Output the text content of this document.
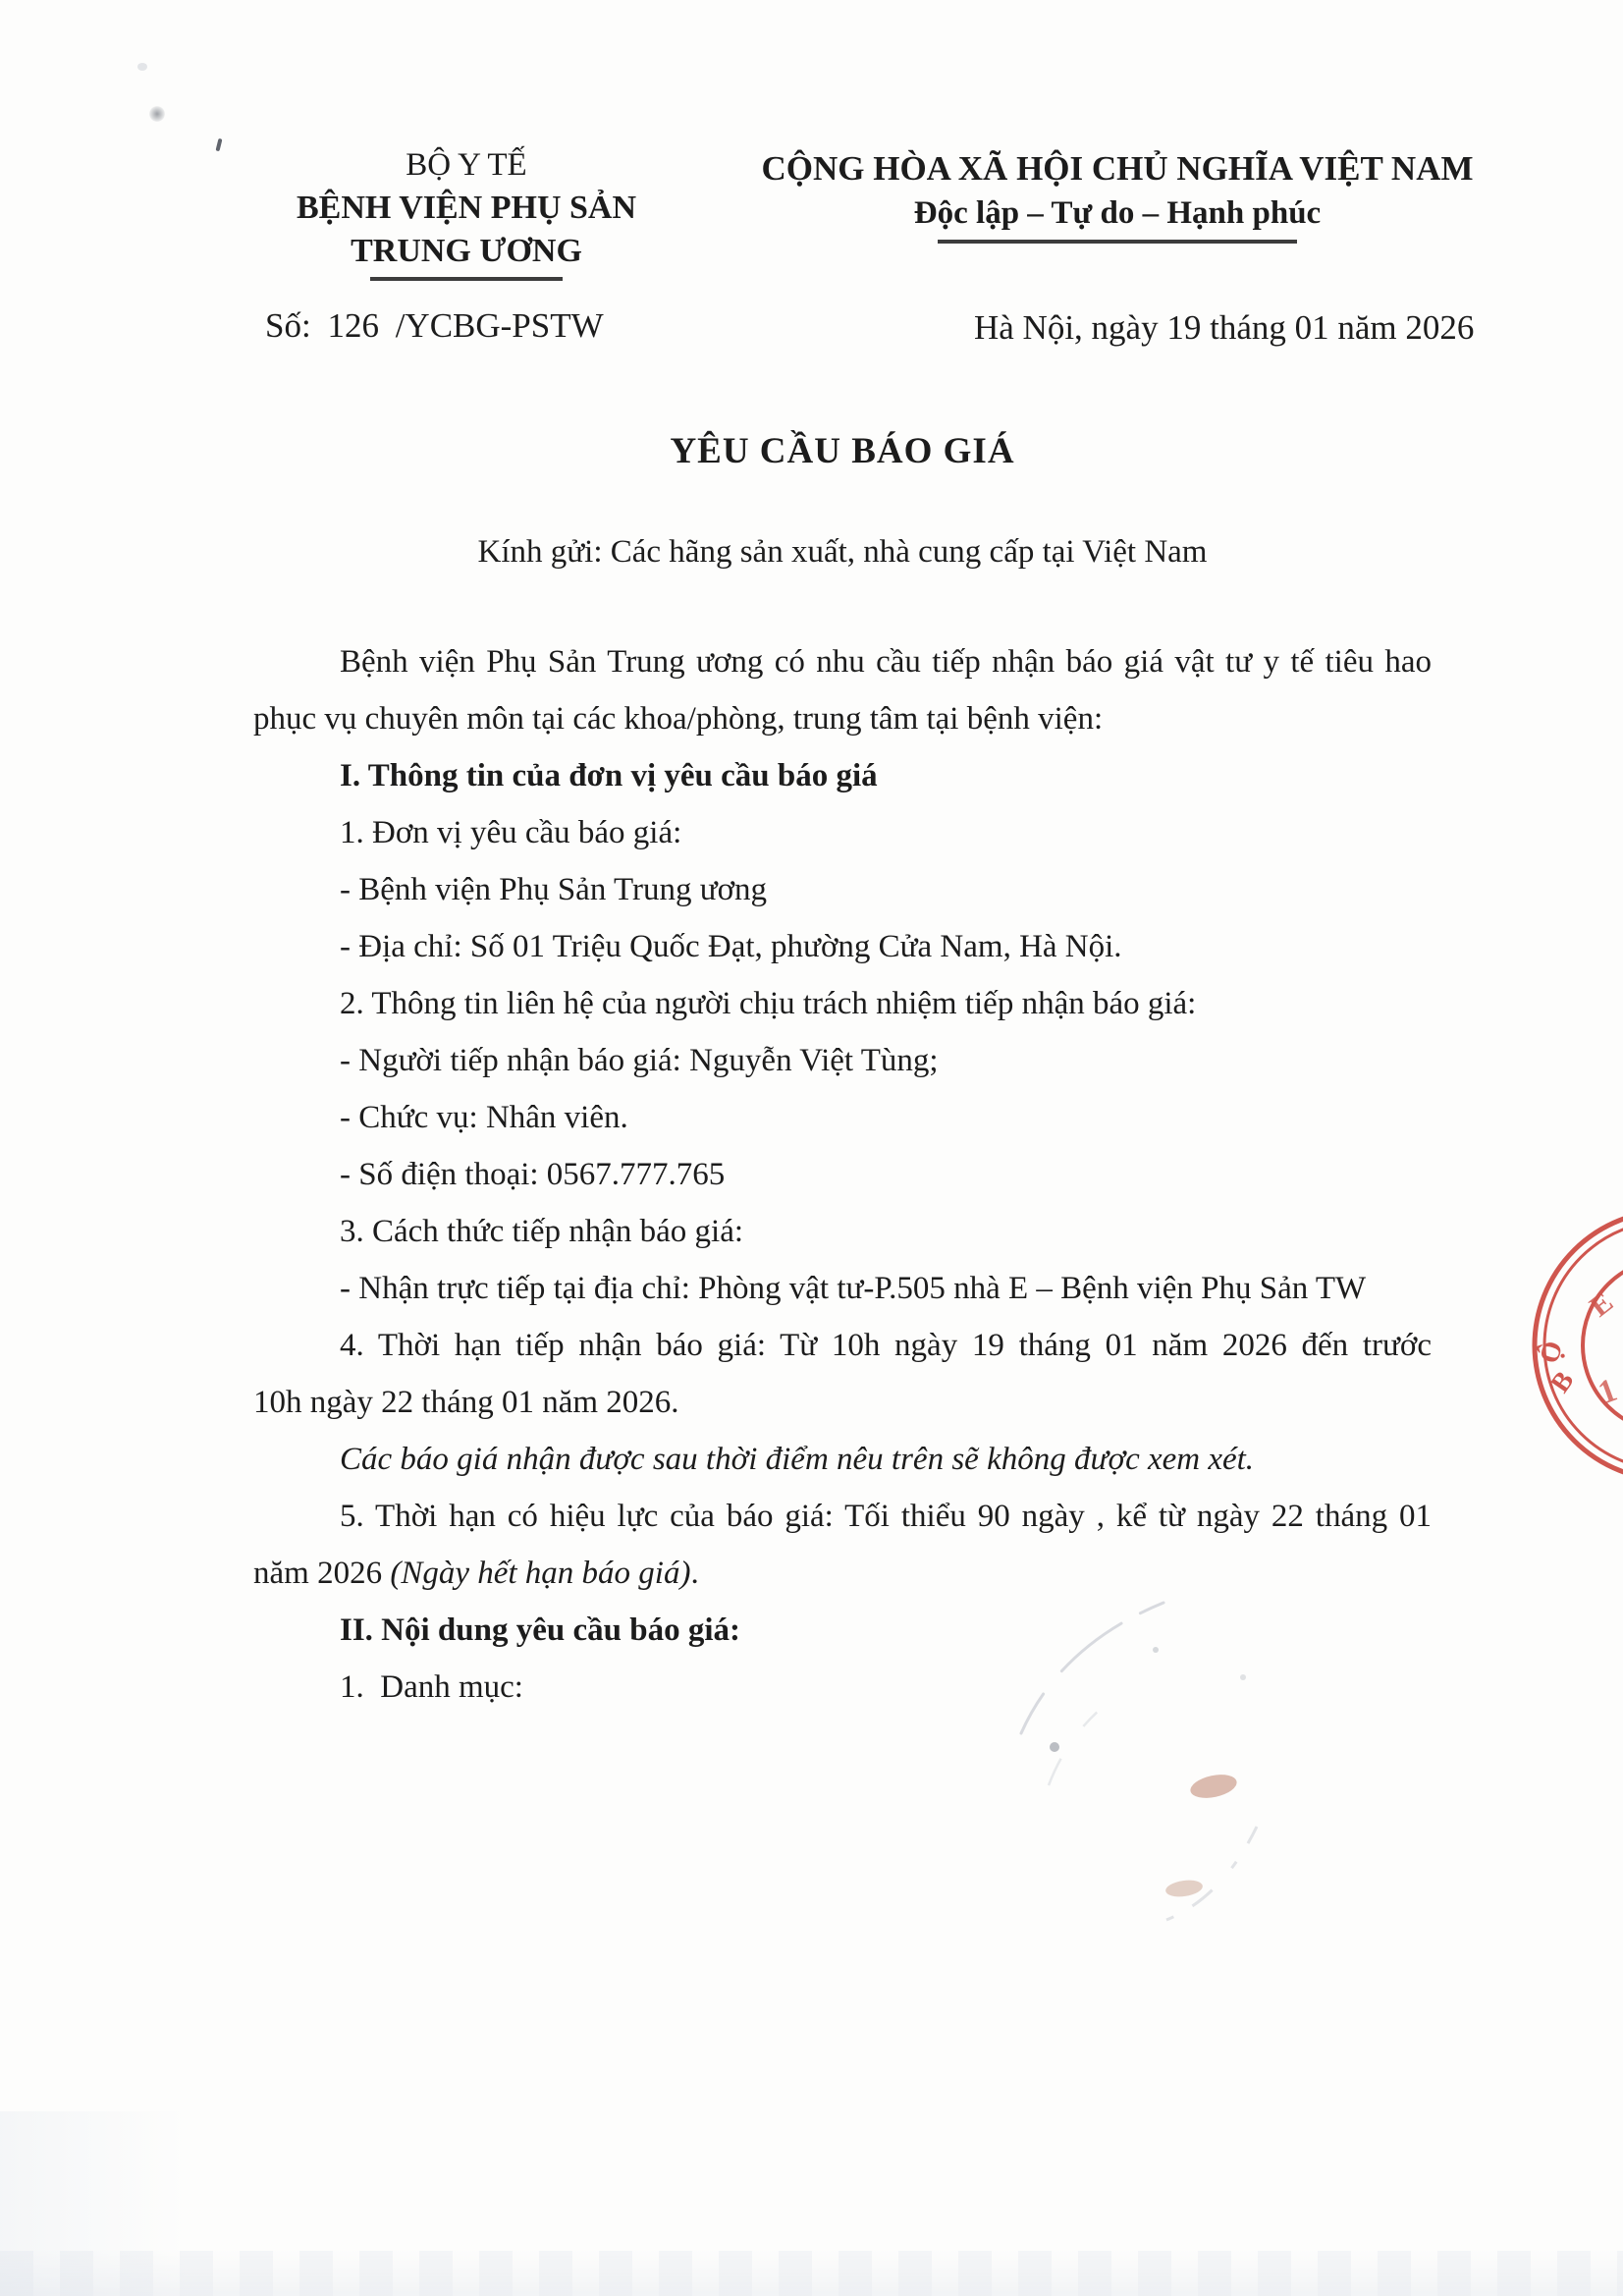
BỘ Y TẾ
BỆNH VIỆN PHỤ SẢN
TRUNG ƯƠNG
CỘNG HÒA XÃ HỘI CHỦ NGHĨA VIỆT NAM
Độc lập – Tự do – Hạnh phúc
Số: 126 /YCBG-PSTW	Hà Nội, ngày 19 tháng 01 năm 2026
YÊU CẦU BÁO GIÁ
Kính gửi: Các hãng sản xuất, nhà cung cấp tại Việt Nam
Bệnh viện Phụ Sản Trung ương có nhu cầu tiếp nhận báo giá vật tư y tế tiêu hao
phục vụ chuyên môn tại các khoa/phòng, trung tâm tại bệnh viện:
I. Thông tin của đơn vị yêu cầu báo giá
1. Đơn vị yêu cầu báo giá:
- Bệnh viện Phụ Sản Trung ương
- Địa chỉ: Số 01 Triệu Quốc Đạt, phường Cửa Nam, Hà Nội.
2. Thông tin liên hệ của người chịu trách nhiệm tiếp nhận báo giá:
- Người tiếp nhận báo giá: Nguyễn Việt Tùng;
- Chức vụ: Nhân viên.
- Số điện thoại: 0567.777.765
3. Cách thức tiếp nhận báo giá:
- Nhận trực tiếp tại địa chỉ: Phòng vật tư-P.505 nhà E – Bệnh viện Phụ Sản TW
4. Thời hạn tiếp nhận báo giá: Từ 10h ngày 19 tháng 01 năm 2026 đến trước
10h ngày 22 tháng 01 năm 2026.
Các báo giá nhận được sau thời điểm nêu trên sẽ không được xem xét.
5. Thời hạn có hiệu lực của báo giá: Tối thiểu 90 ngày , kể từ ngày 22 tháng 01
năm 2026 (Ngày hết hạn báo giá).
II. Nội dung yêu cầu báo giá:
1.  Danh mục:
Ộ
B
E
1
